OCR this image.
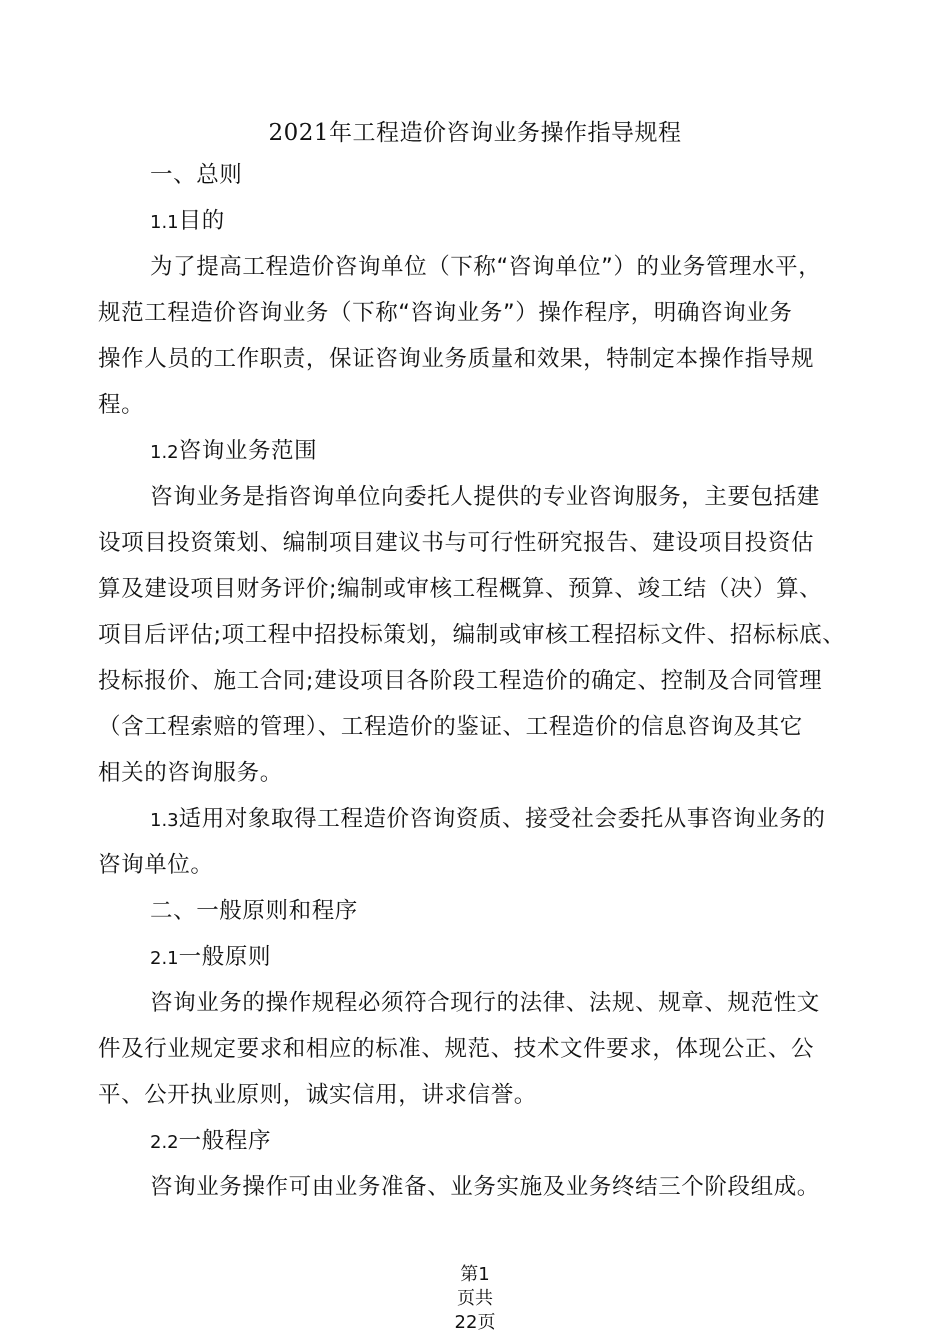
2021年工程造价咨询业务操作指导规程
一、总则
1.1目的
为了提高工程造价咨询单位（下称“咨询单位”）的业务管理水平，
规范工程造价咨询业务（下称“咨询业务”）操作程序，明确咨询业务
操作人员的工作职责，保证咨询业务质量和效果，特制定本操作指导规
程。
1.2咨询业务范围
咨询业务是指咨询单位向委托人提供的专业咨询服务，主要包括建
设项目投资策划、编制项目建议书与可行性研究报告、建设项目投资估
算及建设项目财务评价;编制或审核工程概算、预算、竣工结（决）算、
项目后评估;项工程中招投标策划，编制或审核工程招标文件、招标标底、
投标报价、施工合同;建设项目各阶段工程造价的确定、控制及合同管理
（含工程索赔的管理）、工程造价的鉴证、工程造价的信息咨询及其它
相关的咨询服务。
1.3适用对象取得工程造价咨询资质、接受社会委托从事咨询业务的
咨询单位。
二、一般原则和程序
2.1一般原则
咨询业务的操作规程必须符合现行的法律、法规、规章、规范性文
件及行业规定要求和相应的标准、规范、技术文件要求，体现公正、公
平、公开执业原则，诚实信用，讲求信誉。
2.2一般程序
咨询业务操作可由业务准备、业务实施及业务终结三个阶段组成。
第1
页共
22页
